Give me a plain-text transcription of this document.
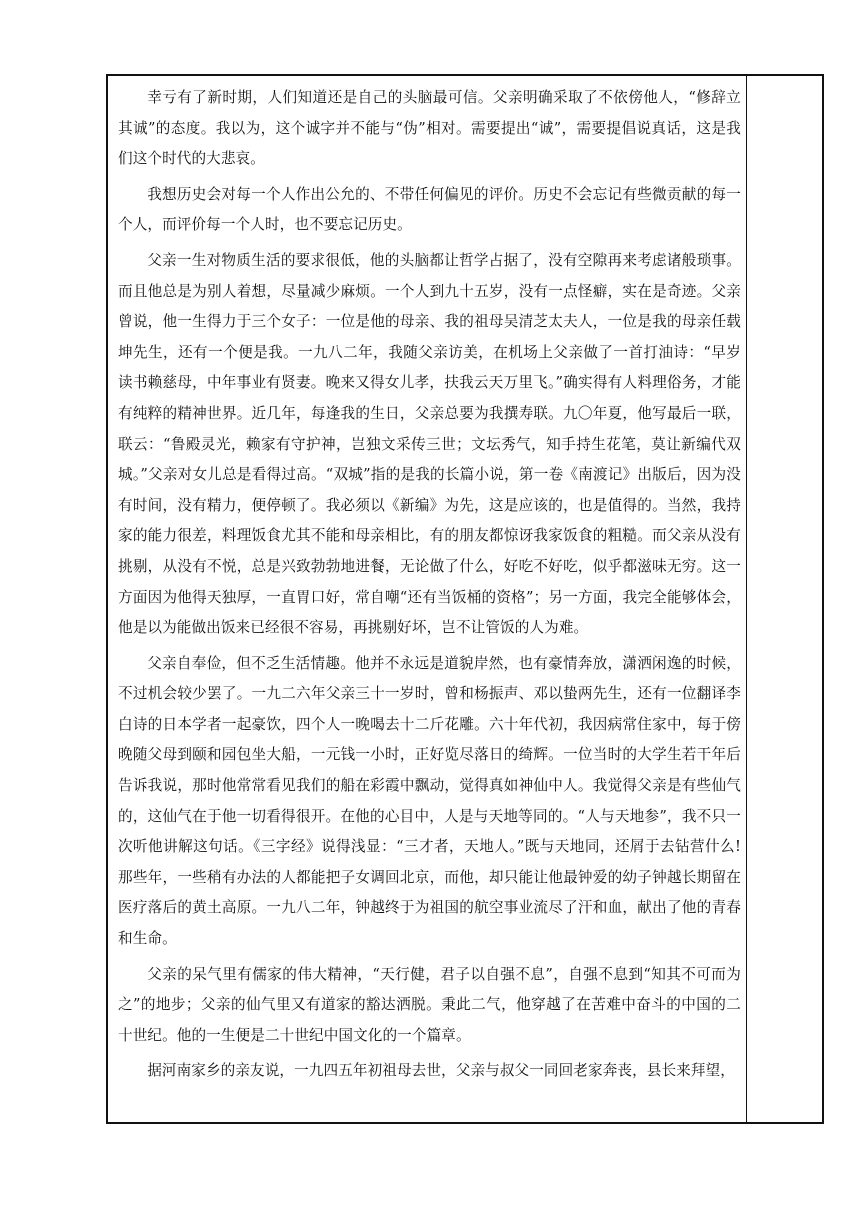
幸亏有了新时期，人们知道还是自己的头脑最可信。父亲明确采取了不依傍他人，“修辞立其诚”的态度。我以为，这个诚字并不能与“伪”相对。需要提出“诚”，需要提倡说真话，这是我们这个时代的大悲哀。

我想历史会对每一个人作出公允的、不带任何偏见的评价。历史不会忘记有些微贡献的每一个人，而评价每一个人时，也不要忘记历史。

父亲一生对物质生活的要求很低，他的头脑都让哲学占据了，没有空隙再来考虑诸般琐事。而且他总是为别人着想，尽量减少麻烦。一个人到九十五岁，没有一点怪癖，实在是奇迹。父亲曾说，他一生得力于三个女子：一位是他的母亲、我的祖母吴清芝太夫人，一位是我的母亲任载坤先生，还有一个便是我。一九八二年，我随父亲访美，在机场上父亲做了一首打油诗：“早岁读书赖慈母，中年事业有贤妻。晚来又得女儿孝，扶我云天万里飞。”确实得有人料理俗务，才能有纯粹的精神世界。近几年，每逢我的生日，父亲总要为我撰寿联。九〇年夏，他写最后一联，联云：“鲁殿灵光，赖家有守护神，岂独文采传三世；文坛秀气，知手持生花笔，莫让新编代双城。”父亲对女儿总是看得过高。“双城”指的是我的长篇小说，第一卷《南渡记》出版后，因为没有时间，没有精力，便停顿了。我必须以《新编》为先，这是应该的，也是值得的。当然，我持家的能力很差，料理饭食尤其不能和母亲相比，有的朋友都惊讶我家饭食的粗糙。而父亲从没有挑剔，从没有不悦，总是兴致勃勃地进餐，无论做了什么，好吃不好吃，似乎都滋味无穷。这一方面因为他得天独厚，一直胃口好，常自嘲“还有当饭桶的资格”；另一方面，我完全能够体会，他是以为能做出饭来已经很不容易，再挑剔好坏，岂不让管饭的人为难。

父亲自奉俭，但不乏生活情趣。他并不永远是道貌岸然，也有豪情奔放，潇洒闲逸的时候，不过机会较少罢了。一九二六年父亲三十一岁时，曾和杨振声、邓以蛰两先生，还有一位翻译李白诗的日本学者一起豪饮，四个人一晚喝去十二斤花雕。六十年代初，我因病常住家中，每于傍晚随父母到颐和园包坐大船，一元钱一小时，正好览尽落日的绮辉。一位当时的大学生若干年后告诉我说，那时他常常看见我们的船在彩霞中飘动，觉得真如神仙中人。我觉得父亲是有些仙气的，这仙气在于他一切看得很开。在他的心目中，人是与天地等同的。“人与天地参”，我不只一次听他讲解这句话。《三字经》说得浅显：“三才者，天地人。”既与天地同，还屑于去钻营什么!那些年，一些稍有办法的人都能把子女调回北京，而他，却只能让他最钟爱的幼子钟越长期留在医疗落后的黄土高原。一九八二年，钟越终于为祖国的航空事业流尽了汗和血，献出了他的青春和生命。

父亲的呆气里有儒家的伟大精神，“天行健，君子以自强不息”，自强不息到“知其不可而为之”的地步；父亲的仙气里又有道家的豁达洒脱。秉此二气，他穿越了在苦难中奋斗的中国的二十世纪。他的一生便是二十世纪中国文化的一个篇章。

据河南家乡的亲友说，一九四五年初祖母去世，父亲与叔父一同回老家奔丧，县长来拜望，
